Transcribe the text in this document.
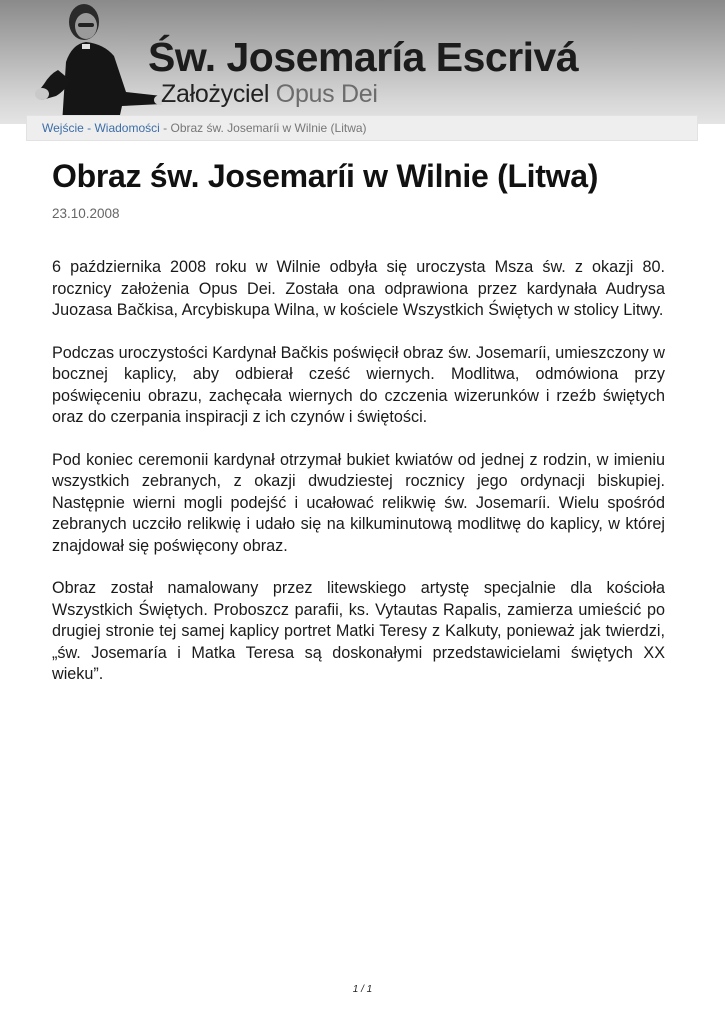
Św. Josemaría Escrivá
Założyciel Opus Dei
Wejście - Wiadomości - Obraz św. Josemaríi w Wilnie (Litwa)
Obraz św. Josemaríi w Wilnie (Litwa)
23.10.2008

6 października 2008 roku w Wilnie odbyła się uroczysta Msza św. z okazji 80. rocznicy założenia Opus Dei. Została ona odprawiona przez kardynała Audrysa Juozasa Bačkisa, Arcybiskupa Wilna, w kościele Wszystkich Świętych w stolicy Litwy.

Podczas uroczystości Kardynał Bačkis poświęcił obraz św. Josemaríi, umieszczony w bocznej kaplicy, aby odbierał cześć wiernych. Modlitwa, odmówiona przy poświęceniu obrazu, zachęcała wiernych do czczenia wizerunków i rzeźb świętych oraz do czerpania inspiracji z ich czynów i świętości.

Pod koniec ceremonii kardynał otrzymał bukiet kwiatów od jednej z rodzin, w imieniu wszystkich zebranych, z okazji dwudziestej rocznicy jego ordynacji biskupiej. Następnie wierni mogli podejść i ucałować relikwię św. Josemaríi. Wielu spośród zebranych uczciło relikwię i udało się na kilkuminutową modlitwę do kaplicy, w której znajdował się poświęcony obraz.

Obraz został namalowany przez litewskiego artystę specjalnie dla kościoła Wszystkich Świętych. Proboszcz parafii, ks. Vytautas Rapalis, zamierza umieścić po drugiej stronie tej samej kaplicy portret Matki Teresy z Kalkuty, ponieważ jak twierdzi, „św. Josemaría i Matka Teresa są doskonałymi przedstawicielami świętych XX wieku”.

1 / 1
